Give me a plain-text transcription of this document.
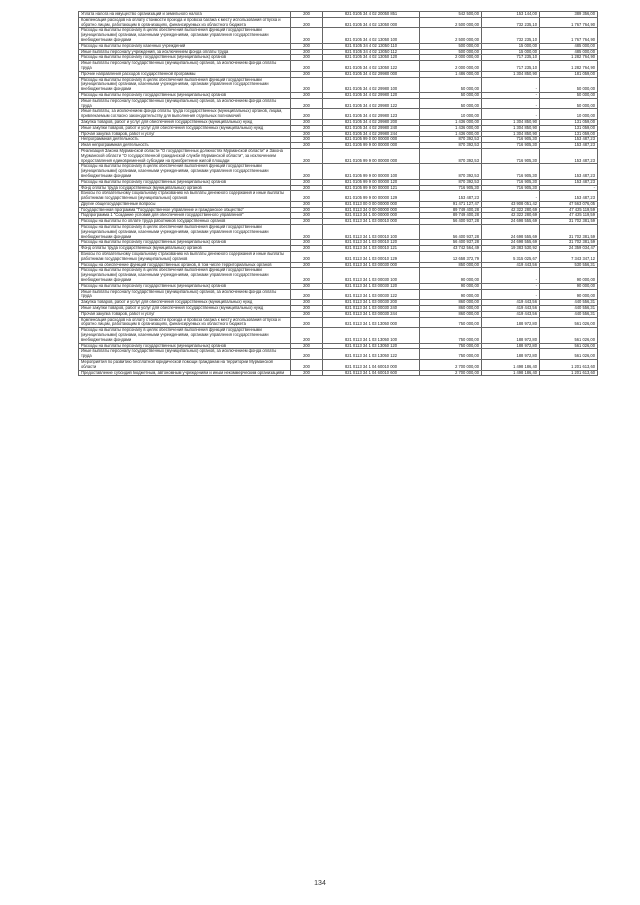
Уплата налога на имущество организаций и земельного налога	200	821 0105 34 4 02 20050 851	542 500,00	153 144,00	389 356,00
Компенсация расходов на оплату стоимости проезда и провоза багажа к месту использования отпуска и обратно лицам, работающим в организациях, финансируемых из областного бюджета	200	821 0105 34 4 02 13050 000	2 500 000,00	732 235,10	1 767 764,90
Расходы на выплаты персоналу в целях обеспечения выполнения функций государственными (муниципальными) органами, казенными учреждениями, органами управления государственными внебюджетными фондами	200	821 0105 34 4 02 13050 100	2 500 000,00	732 235,10	1 767 764,90
Расходы на выплаты персоналу казенных учреждений	200	821 0105 34 4 02 13050 110	500 000,00	15 000,00	485 000,00
Иные выплаты персоналу учреждений, за исключением фонда оплаты труда	200	821 0105 34 4 02 13050 112	500 000,00	15 000,00	485 000,00
Расходы на выплаты персоналу государственных (муниципальных) органов	200	821 0105 34 4 02 13050 120	2 000 000,00	717 235,10	1 282 764,90
Иные выплаты персоналу государственных (муниципальных) органов, за исключением фонда оплаты труда	200	821 0105 34 4 02 13050 122	2 000 000,00	717 235,10	1 282 764,90
Прочие направления расходов государственной программы	200	821 0105 34 4 02 29980 000	1 486 000,00	1 304 850,90	181 059,00
Расходы на выплаты персоналу в целях обеспечения выполнения функций государственными (муниципальными) органами, казенными учреждениями, органами управления государственными внебюджетными фондами	200	821 0105 34 4 02 29980 100	50 000,00	-	50 000,00
Расходы на выплаты персоналу государственных (муниципальных) органов	200	821 0105 34 4 02 29980 120	50 000,00	-	50 000,00
Иные выплаты персоналу государственных (муниципальных) органов, за исключением фонда оплаты труда	200	821 0105 34 4 02 29980 122	50 000,00	-	50 000,00
Иные выплаты, за исключением фонда оплаты труда государственных (муниципальных) органов, лицам, привлекаемым согласно законодательству для выполнения отдельных полномочий	200	821 0105 34 4 02 29980 123	10 000,00	-	10 000,00
Закупка товаров, работ и услуг для обеспечения государственных (муниципальных) нужд	200	821 0105 34 4 02 29980 200	1 436 000,00	1 304 850,90	131 059,00
Иные закупки товаров, работ и услуг для обеспечения государственных (муниципальных) нужд	200	821 0105 34 4 02 29980 240	1 436 000,00	1 304 850,90	131 059,00
Прочая закупка товаров, работ и услуг	200	821 0105 34 4 02 29980 244	1 436 000,00	1 304 850,90	131 059,00
Непрограммная деятельность	200	821 0105 99 0 00 00000 000	870 392,53	716 905,30	153 487,23
Иная непрограммная деятельность	200	821 0105 99 9 00 00000 000	870 392,53	716 905,30	153 487,23
Реализация Закона Мурманской области "О государственных должностях Мурманской области" и Закона Мурманской области "О государственной гражданской службе Мурманской области", за исключением предоставления единовременной субсидии на приобретение жилой площади	200	821 0105 99 9 00 00000 000	870 392,53	716 905,30	153 487,23
Расходы на выплаты персоналу в целях обеспечения выполнения функций государственными (муниципальными) органами, казенными учреждениями, органами управления государственными внебюджетными фондами	200	821 0105 99 9 00 00000 100	870 392,53	716 905,30	153 487,23
Расходы на выплаты персоналу государственных (муниципальных) органов	200	821 0105 99 9 00 00000 120	870 392,53	716 905,30	153 487,23
Фонд оплаты труда государственных (муниципальных) органов	200	821 0105 99 9 00 00000 121	716 905,30	716 905,30	-
Взносы по обязательному социальному страхованию на выплаты денежного содержания и иные выплаты работникам государственных (муниципальных) органов	200	821 0105 99 9 00 00000 129	153 487,23	-	153 487,23
Другие общегосударственные вопросы	200	821 0113 00 0 00 00000 000	91 471 127,47	43 908 051,42	47 563 076,05
Государственная программа "Государственное управление и гражданское общество"	200	821 0113 34 0 00 00000 000	89 749 400,28	42 322 280,69	47 425 119,59
Подпрограмма 1 "Создание условий для обеспечения государственного управления"	200	821 0113 34 1 00 00000 000	89 749 400,28	42 322 280,69	47 425 119,59
Расходы на выплаты по оплате труда работников государственных органов	200	821 0113 34 1 03 00010 000	56 400 937,28	24 698 555,69	31 702 381,59
Расходы на выплаты персоналу в целях обеспечения выполнения функций государственными (муниципальными) органами, казенными учреждениями, органами управления государственными внебюджетными фондами	200	821 0113 34 1 03 00010 100	56 400 937,28	24 698 555,69	31 702 381,59
Расходы на выплаты персоналу государственных (муниципальных) органов	200	821 0113 34 1 03 00010 120	56 400 937,28	24 698 555,69	31 702 381,59
Фонд оплаты труда государственных (муниципальных) органов	200	821 0113 34 1 03 00010 121	43 742 564,49	19 383 530,92	24 359 034,47
Взносы по обязательному социальному страхованию на выплаты денежного содержания и иные выплаты работникам государственных (муниципальных) органов	200	821 0113 34 1 03 00010 129	12 658 372,79	5 315 025,67	7 343 347,12
Расходы на обеспечение функций государственных органов, в том числе территориальных органов	200	821 0113 34 1 03 00030 000	850 000,00	419 443,56	530 556,31
Расходы на выплаты персоналу в целях обеспечения выполнения функций государственными (муниципальными) органами, казенными учреждениями, органами управления государственными внебюджетными фондами	200	821 0113 34 1 03 00030 100	90 000,00	-	90 000,00
Расходы на выплаты персоналу государственных (муниципальных) органов	200	821 0113 34 1 03 00030 120	90 000,00	-	90 000,00
Иные выплаты персоналу государственных (муниципальных) органов, за исключением фонда оплаты труда	200	821 0113 34 1 03 00030 122	90 000,00	-	90 000,00
Закупка товаров, работ и услуг для обеспечения государственных (муниципальных) нужд	200	821 0113 34 1 03 00030 200	860 000,00	419 443,56	440 556,31
Иные закупки товаров, работ и услуг для обеспечения государственных (муниципальных) нужд	200	821 0113 34 1 03 00030 240	860 000,00	419 443,56	440 556,31
Прочая закупка товаров, работ и услуг	200	821 0113 34 1 03 00030 244	860 000,00	419 443,56	440 556,31
Компенсация расходов на оплату стоимости проезда и провоза багажа к месту использования отпуска и обратно лицам, работающим в организациях, финансируемых из областного бюджета	200	821 0113 34 1 03 13050 000	750 000,00	188 972,80	561 026,00
Расходы на выплаты персоналу в целях обеспечения выполнения функций государственными (муниципальными) органами, казенными учреждениями, органами управления государственными внебюджетными фондами	200	821 0113 34 1 03 13050 100	750 000,00	188 972,80	561 026,00
Расходы на выплаты персоналу государственных (муниципальных) органов	200	821 0113 34 1 03 13050 120	750 000,00	188 972,80	561 026,00
Иные выплаты персоналу государственных (муниципальных) органов, за исключением фонда оплаты труда	200	821 0113 34 1 03 13050 122	750 000,00	188 972,80	561 026,00
Мероприятия по развитию бесплатной юридической помощи гражданам на территории Мурманской области	200	821 0113 34 1 04 60010 000	2 700 000,00	1 498 186,40	1 201 613,60
Предоставление субсидий бюджетным, автономным учреждениям и иным некоммерческим организациям	200	821 0113 34 1 04 60010 600	2 700 000,00	1 498 186,40	1 201 613,60
134
